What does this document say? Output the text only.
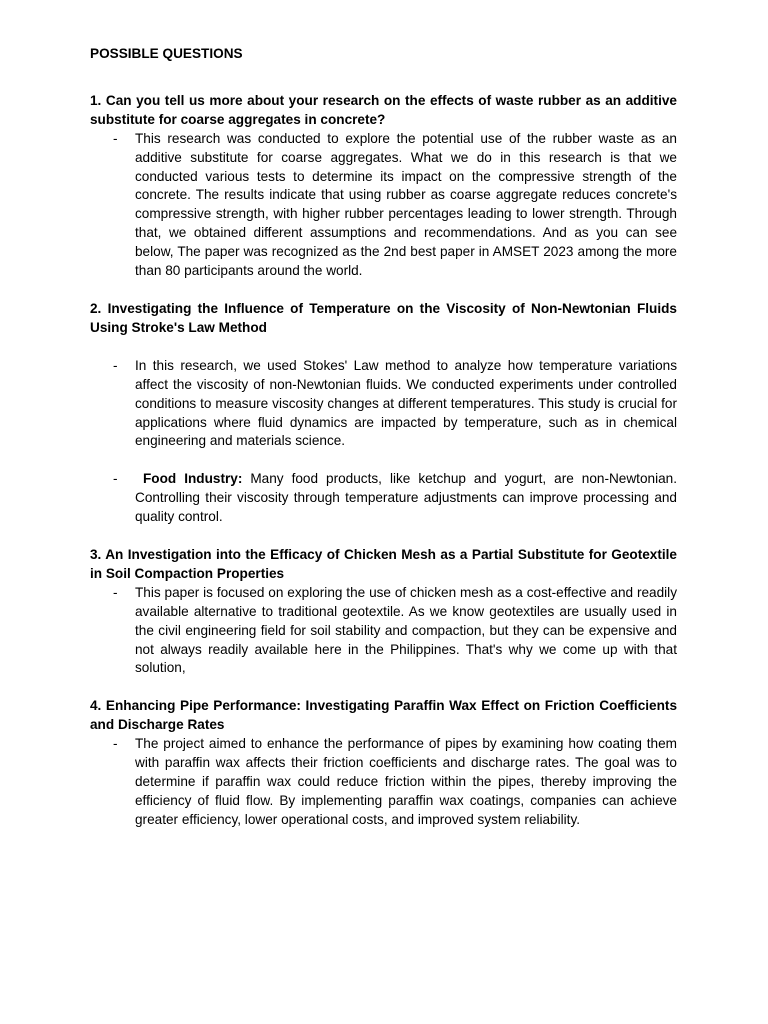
POSSIBLE QUESTIONS

1. Can you tell us more about your research on the effects of waste rubber as an additive substitute for coarse aggregates in concrete?

- This research was conducted to explore the potential use of the rubber waste as an additive substitute for coarse aggregates. What we do in this research is that we conducted various tests to determine its impact on the compressive strength of the concrete. The results indicate that using rubber as coarse aggregate reduces concrete's compressive strength, with higher rubber percentages leading to lower strength. Through that, we obtained different assumptions and recommendations. And as you can see below, The paper was recognized as the 2nd best paper in AMSET 2023 among the more than 80 participants around the world.

2. Investigating the Influence of Temperature on the Viscosity of Non-Newtonian Fluids Using Stroke's Law Method

- In this research, we used Stokes' Law method to analyze how temperature variations affect the viscosity of non-Newtonian fluids. We conducted experiments under controlled conditions to measure viscosity changes at different temperatures. This study is crucial for applications where fluid dynamics are impacted by temperature, such as in chemical engineering and materials science.

- Food Industry: Many food products, like ketchup and yogurt, are non-Newtonian. Controlling their viscosity through temperature adjustments can improve processing and quality control.

3. An Investigation into the Efficacy of Chicken Mesh as a Partial Substitute for Geotextile in Soil Compaction Properties

- This paper is focused on exploring the use of chicken mesh as a cost-effective and readily available alternative to traditional geotextile. As we know geotextiles are usually used in the civil engineering field for soil stability and compaction, but they can be expensive and not always readily available here in the Philippines. That's why we come up with that solution,

4. Enhancing Pipe Performance: Investigating Paraffin Wax Effect on Friction Coefficients and Discharge Rates

- The project aimed to enhance the performance of pipes by examining how coating them with paraffin wax affects their friction coefficients and discharge rates. The goal was to determine if paraffin wax could reduce friction within the pipes, thereby improving the efficiency of fluid flow. By implementing paraffin wax coatings, companies can achieve greater efficiency, lower operational costs, and improved system reliability.
